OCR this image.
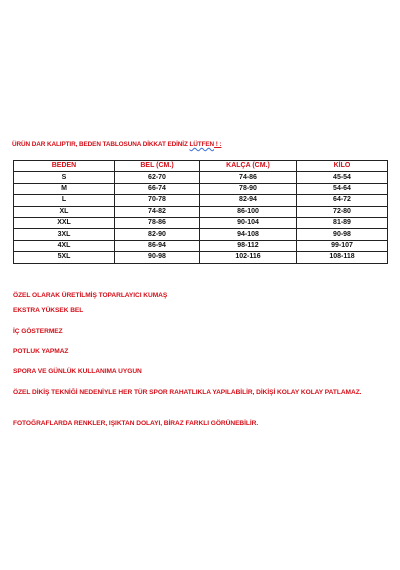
ÜRÜN DAR KALIPTIR, BEDEN TABLOSUNA DİKKAT EDİNİZ LÜTFEN ! :
BEDEN	BEL (CM.)	KALÇA (CM.)	KİLO
S	62-70	74-86	45-54
M	66-74	78-90	54-64
L	70-78	82-94	64-72
XL	74-82	86-100	72-80
XXL	78-86	90-104	81-89
3XL	82-90	94-108	90-98
4XL	86-94	98-112	99-107
5XL	90-98	102-116	108-118
ÖZEL OLARAK ÜRETİLMİŞ TOPARLAYICI KUMAŞ
EKSTRA YÜKSEK BEL
İÇ GÖSTERMEZ
POTLUK YAPMAZ
SPORA VE GÜNLÜK KULLANIMA UYGUN
ÖZEL DİKİŞ TEKNİĞİ NEDENİYLE HER TÜR SPOR RAHATLIKLA YAPILABİLİR, DİKİŞİ KOLAY KOLAY PATLAMAZ.
FOTOĞRAFLARDA RENKLER, IŞIKTAN DOLAYI, BİRAZ FARKLI GÖRÜNEBİLİR.
